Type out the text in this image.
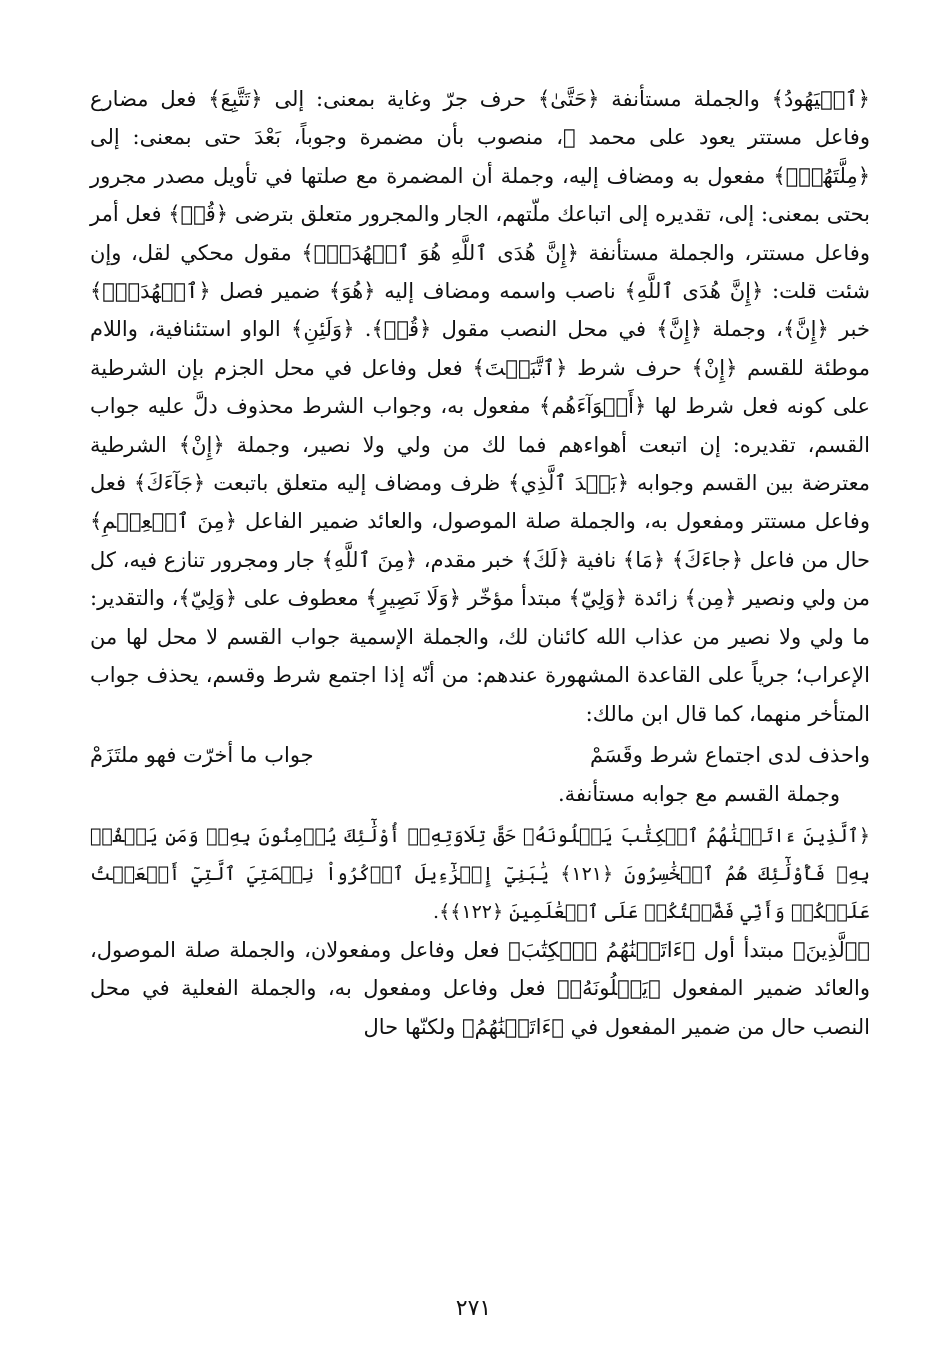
﴿ٱلۡيَهُودُ﴾ والجملة مستأنفة ﴿حَتَّىٰ﴾ حرف جرّ وغاية بمعنى: إلى ﴿تَتَّبِعَ﴾ فعل مضارع وفاعل مستتر يعود على محمد ﷺ، منصوب بأن مضمرة وجوباً، بَعْدَ حتى بمعنى: إلى ﴿مِلَّتَهُمۡۗ﴾ مفعول به ومضاف إليه، وجملة أن المضمرة مع صلتها في تأويل مصدر مجرور بحتى بمعنى: إلى، تقديره إلى اتباعك ملّتهم، الجار والمجرور متعلق بترضى ﴿قُلۡ﴾ فعل أمر وفاعل مستتر، والجملة مستأنفة ﴿إِنَّ هُدَى ٱللَّهِ هُوَ ٱلۡهُدَىٰۗ﴾ مقول محكي لقل، وإن شئت قلت: ﴿إِنَّ هُدَى ٱللَّهِ﴾ ناصب واسمه ومضاف إليه ﴿هُوَ﴾ ضمير فصل ﴿ٱلۡهُدَىٰۗ﴾ خبر ﴿إِنَّ﴾، وجملة ﴿إِنَّ﴾ في محل النصب مقول ﴿قُلۡ﴾. ﴿وَلَئِنِ﴾ الواو استئنافية، واللام موطئة للقسم ﴿إِنْ﴾ حرف شرط ﴿ٱتَّبَعۡتَ﴾ فعل وفاعل في محل الجزم بإن الشرطية على كونه فعل شرط لها ﴿أَهۡوَآءَهُم﴾ مفعول به، وجواب الشرط محذوف دلَّ عليه جواب القسم، تقديره: إن اتبعت أهواءهم فما لك من ولي ولا نصير، وجملة ﴿إِنْ﴾ الشرطية معترضة بين القسم وجوابه ﴿بَعۡدَ ٱلَّذِي﴾ ظرف ومضاف إليه متعلق باتبعت ﴿جَآءَكَ﴾ فعل وفاعل مستتر ومفعول به، والجملة صلة الموصول، والعائد ضمير الفاعل ﴿مِنَ ٱلۡعِلۡمِ﴾ حال من فاعل ﴿جاءَكَ﴾ ﴿مَا﴾ نافية ﴿لَكَ﴾ خبر مقدم، ﴿مِنَ ٱللَّهِ﴾ جار ومجرور تنازع فيه، كل من ولي ونصير ﴿مِن﴾ زائدة ﴿وَلِيّ﴾ مبتدأ مؤخّر ﴿وَلَا نَصِيرٍ﴾ معطوف على ﴿وَلِيّ﴾، والتقدير: ما ولي ولا نصير من عذاب الله كائنان لك، والجملة الإسمية جواب القسم لا محل لها من الإعراب؛ جرياً على القاعدة المشهورة عندهم: من أنّه إذا اجتمع شرط وقسم، يحذف جواب المتأخر منهما، كما قال ابن مالك:

واحذف لدى اجتماع شرط وقَسَمْ
جواب ما أخرّت فهو ملتَزَمْ

وجملة القسم مع جوابه مستأنفة.

﴿ٱلَّذِينَ ءَاتَيۡنَٰهُمُ ٱلۡكِتَٰبَ يَتۡلُونَهُۥ حَقَّ تِلَاوَتِهِۦٓ أُوْلَٰٓئِكَ يُؤۡمِنُونَ بِهِۦۗ وَمَن يَكۡفُرۡ بِهِۦ فَأُوْلَٰٓئِكَ هُمُ ٱلۡخَٰسِرُونَ ﴿١٢١﴾ يَٰبَنِيٓ إِسۡرَٰٓءِيلَ ٱذۡكُرُواْ نِعۡمَتِيَ ٱلَّتِيٓ أَنۡعَمۡتُ عَلَيۡكُمۡ وَأَنِّي فَضَّلۡتُكُمۡ عَلَى ٱلۡعَٰلَمِينَ ﴿١٢٢﴾﴾.

﴿ٱلَّذِينَ﴾ مبتدأ أول ﴿ءَاتَيۡنَٰهُمُ ٱلۡكِتَٰبَ﴾ فعل وفاعل ومفعولان، والجملة صلة الموصول، والعائد ضمير المفعول ﴿يَتۡلُونَهُۥ﴾ فعل وفاعل ومفعول به، والجملة الفعلية في محل النصب حال من ضمير المفعول في ﴿ءَاتَيۡنَٰهُمُ﴾ ولكنّها حال

٢٧١
